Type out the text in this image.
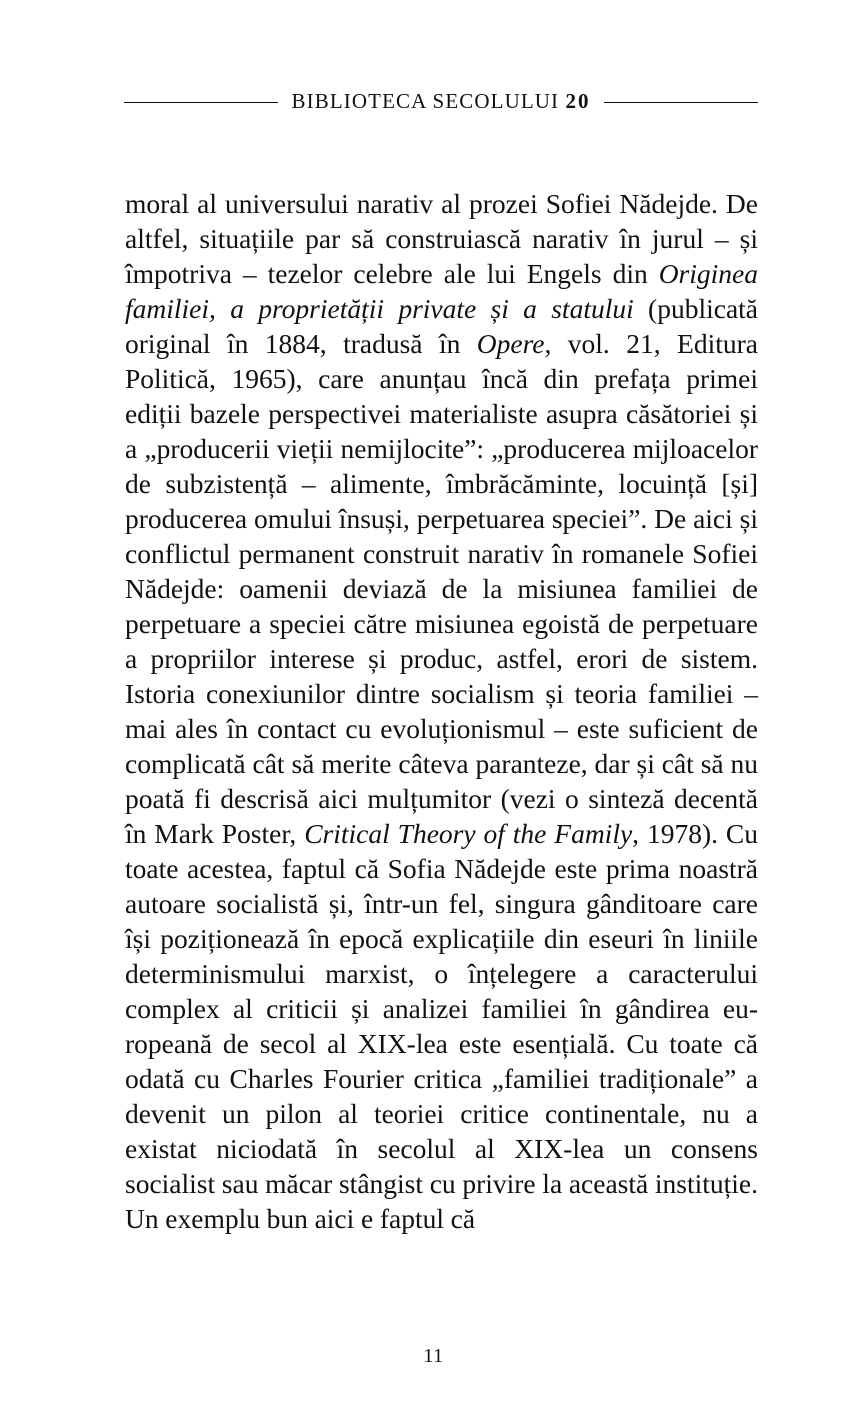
BIBLIOTECA SECOLULUI 20

moral al universului narativ al prozei Sofiei Nădejde. De altfel, situațiile par să construiască narativ în jurul – și împotriva – tezelor celebre ale lui Engels din Originea familiei, a proprietății private și a statului (publicată original în 1884, tradusă în Opere, vol. 21, Editura Politică, 1965), care anunțau încă din prefața primei ediții bazele perspectivei materialiste asupra căsătoriei și a „producerii vieții nemijlocite”: „producerea mijloacelor de subzistență – alimente, îmbrăcăminte, locuință [și] producerea omului însuși, perpetuarea speciei”. De aici și conflictul permanent construit narativ în romanele Sofiei Nădejde: oamenii deviază de la misiunea familiei de perpetuare a speciei către misiunea egoistă de perpetuare a propriilor interese și produc, astfel, erori de sistem. Istoria conexiunilor dintre socialism și teoria familiei – mai ales în contact cu evoluționismul – este suficient de complicată cât să merite câteva paranteze, dar și cât să nu poată fi descrisă aici mulțumitor (vezi o sinteză decentă în Mark Poster, Critical Theory of the Family, 1978). Cu toate acestea, faptul că Sofia Nădejde este prima noastră autoare socialistă și, într-un fel, singura gânditoare care își poziționează în epocă explicațiile din eseuri în liniile determinismului marxist, o înțelegere a caracterului complex al criticii și analizei familiei în gândirea europeană de secol al XIX-lea este esențială. Cu toate că odată cu Charles Fourier critica „familiei tradiționale” a devenit un pilon al teoriei critice continentale, nu a existat niciodată în secolul al XIX-lea un consens socialist sau măcar stângist cu privire la această instituție. Un exemplu bun aici e faptul că

11
